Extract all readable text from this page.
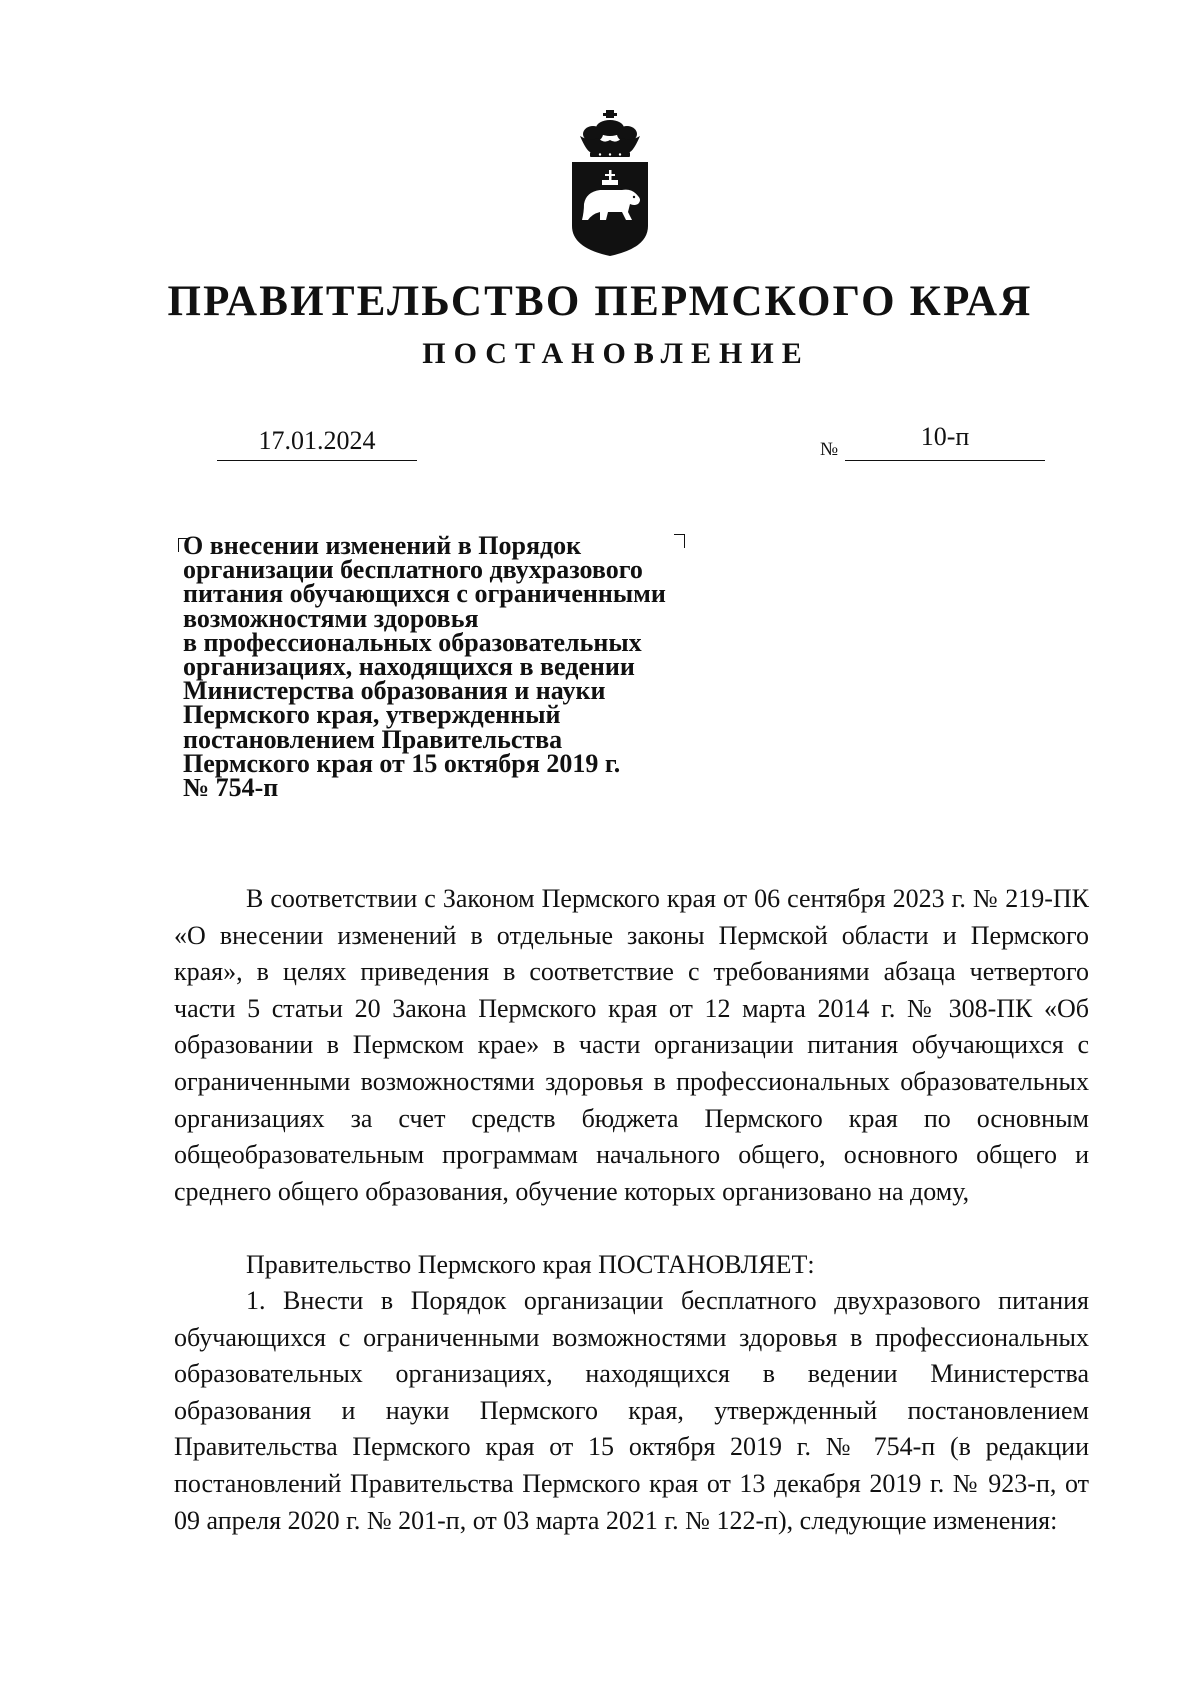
ПРАВИТЕЛЬСТВО ПЕРМСКОГО КРАЯ
ПОСТАНОВЛЕНИЕ
17.01.2024	№	10-п
О внесении изменений в Порядок
организации бесплатного двухразового
питания обучающихся с ограниченными
возможностями здоровья
в профессиональных образовательных
организациях, находящихся в ведении
Министерства образования и науки
Пермского края, утвержденный
постановлением Правительства
Пермского края от 15 октября 2019 г.
№ 754-п

В соответствии с Законом Пермского края от 06 сентября 2023 г. № 219-ПК «О внесении изменений в отдельные законы Пермской области и Пермского края», в целях приведения в соответствие с требованиями абзаца четвертого части 5 статьи 20 Закона Пермского края от 12 марта 2014 г. № 308-ПК «Об образовании в Пермском крае» в части организации питания обучающихся с ограниченными возможностями здоровья в профессиональных образовательных организациях за счет средств бюджета Пермского края по основным общеобразовательным программам начального общего, основного общего и среднего общего образования, обучение которых организовано на дому,

Правительство Пермского края ПОСТАНОВЛЯЕТ:

1. Внести в Порядок организации бесплатного двухразового питания обучающихся с ограниченными возможностями здоровья в профессиональных образовательных организациях, находящихся в ведении Министерства образования и науки Пермского края, утвержденный постановлением Правительства Пермского края от 15 октября 2019 г. № 754-п (в редакции постановлений Правительства Пермского края от 13 декабря 2019 г. № 923-п, от 09 апреля 2020 г. № 201-п, от 03 марта 2021 г. № 122-п), следующие изменения:
